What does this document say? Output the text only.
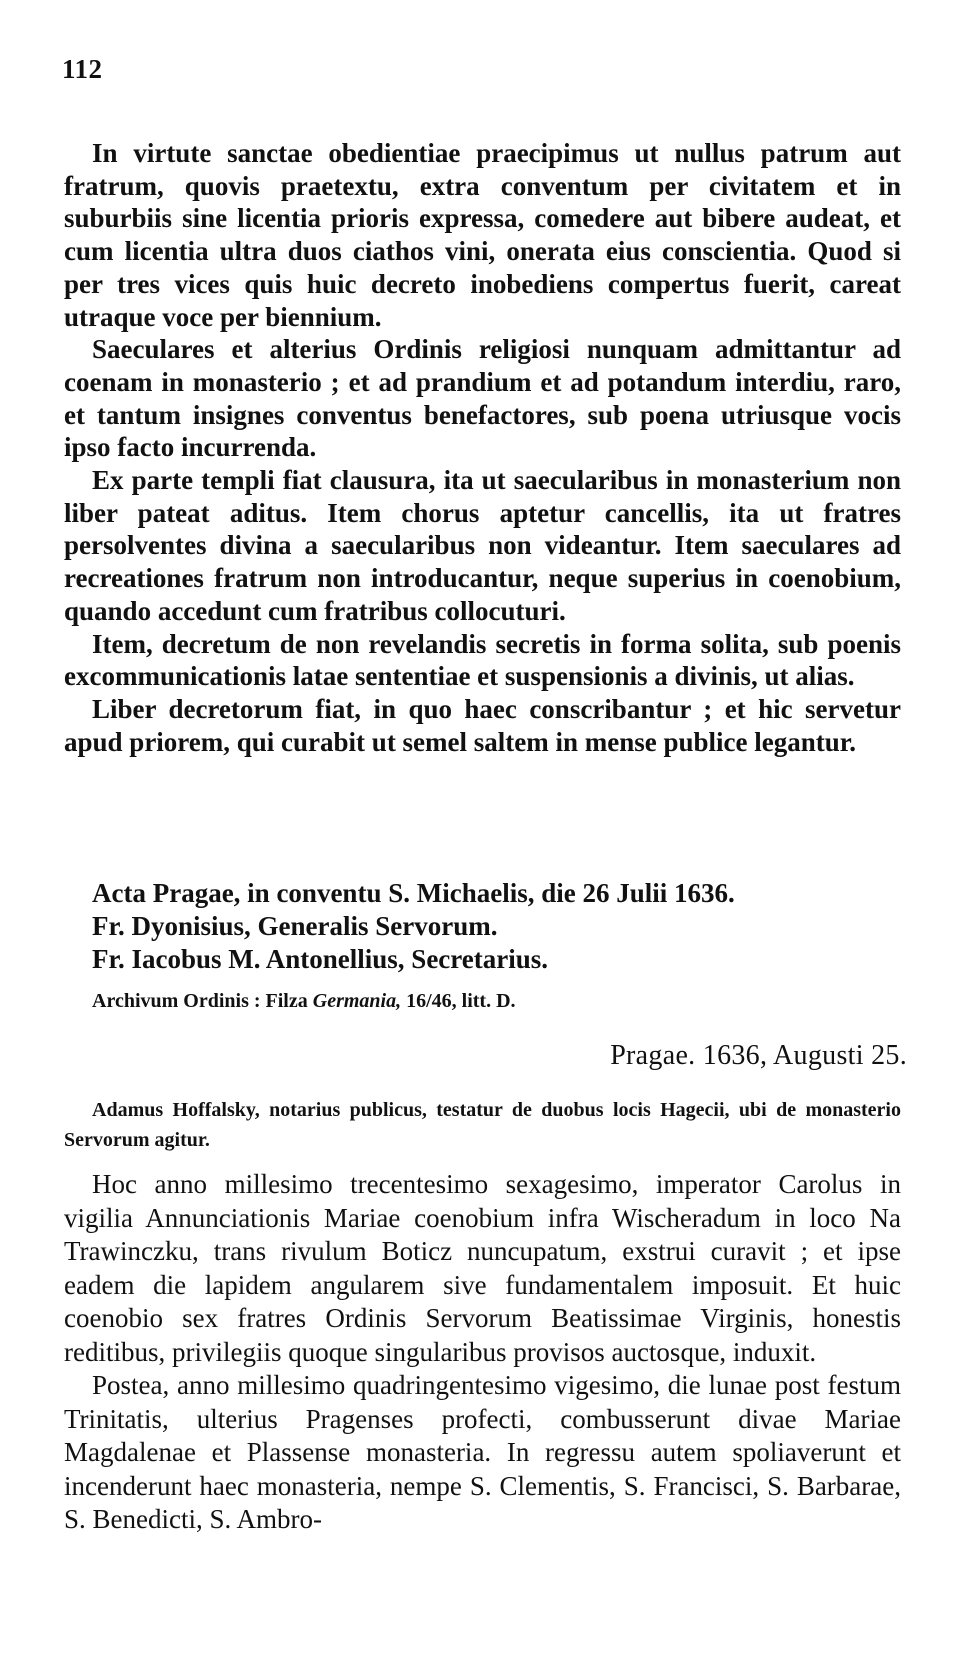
112

In virtute sanctae obedientiae praecipimus ut nullus patrum aut fratrum, quovis praetextu, extra conventum per civitatem et in suburbiis sine licentia prioris expressa, comedere aut bibere audeat, et cum licentia ultra duos ciathos vini, onerata eius conscientia. Quod si per tres vices quis huic decreto inobediens compertus fuerit, careat utraque voce per biennium.

Saeculares et alterius Ordinis religiosi nunquam admittantur ad coenam in monasterio ; et ad prandium et ad potandum interdiu, raro, et tantum insignes conventus benefactores, sub poena utriusque vocis ipso facto incurrenda.

Ex parte templi fiat clausura, ita ut saecularibus in monasterium non liber pateat aditus. Item chorus aptetur cancellis, ita ut fratres persolventes divina a saecularibus non videantur. Item saeculares ad recreationes fratrum non introducantur, neque superius in coenobium, quando accedunt cum fratribus collocuturi.

Item, decretum de non revelandis secretis in forma solita, sub poenis excommunicationis latae sententiae et suspensionis a divinis, ut alias.

Liber decretorum fiat, in quo haec conscribantur ; et hic servetur apud priorem, qui curabit ut semel saltem in mense publice legantur.

Acta Pragae, in conventu S. Michaelis, die 26 Julii 1636.
Fr. Dyonisius, Generalis Servorum.
Fr. Iacobus M. Antonellius, Secretarius.
Archivum Ordinis : Filza Germania, 16/46, litt. D.
Pragae. 1636, Augusti 25.

Adamus Hoffalsky, notarius publicus, testatur de duobus locis Hagecii, ubi de monasterio Servorum agitur.

Hoc anno millesimo trecentesimo sexagesimo, imperator Carolus in vigilia Annunciationis Mariae coenobium infra Wischeradum in loco Na Trawinczku, trans rivulum Boticz nuncupatum, exstrui curavit ; et ipse eadem die lapidem angularem sive fundamentalem imposuit. Et huic coenobio sex fratres Ordinis Servorum Beatissimae Virginis, honestis reditibus, privilegiis quoque singularibus provisos auctosque, induxit.

Postea, anno millesimo quadringentesimo vigesimo, die lunae post festum Trinitatis, ulterius Pragenses profecti, combusserunt divae Mariae Magdalenae et Plassense monasteria. In regressu autem spoliaverunt et incenderunt haec monasteria, nempe S. Clementis, S. Francisci, S. Barbarae, S. Benedicti, S. Ambro-
